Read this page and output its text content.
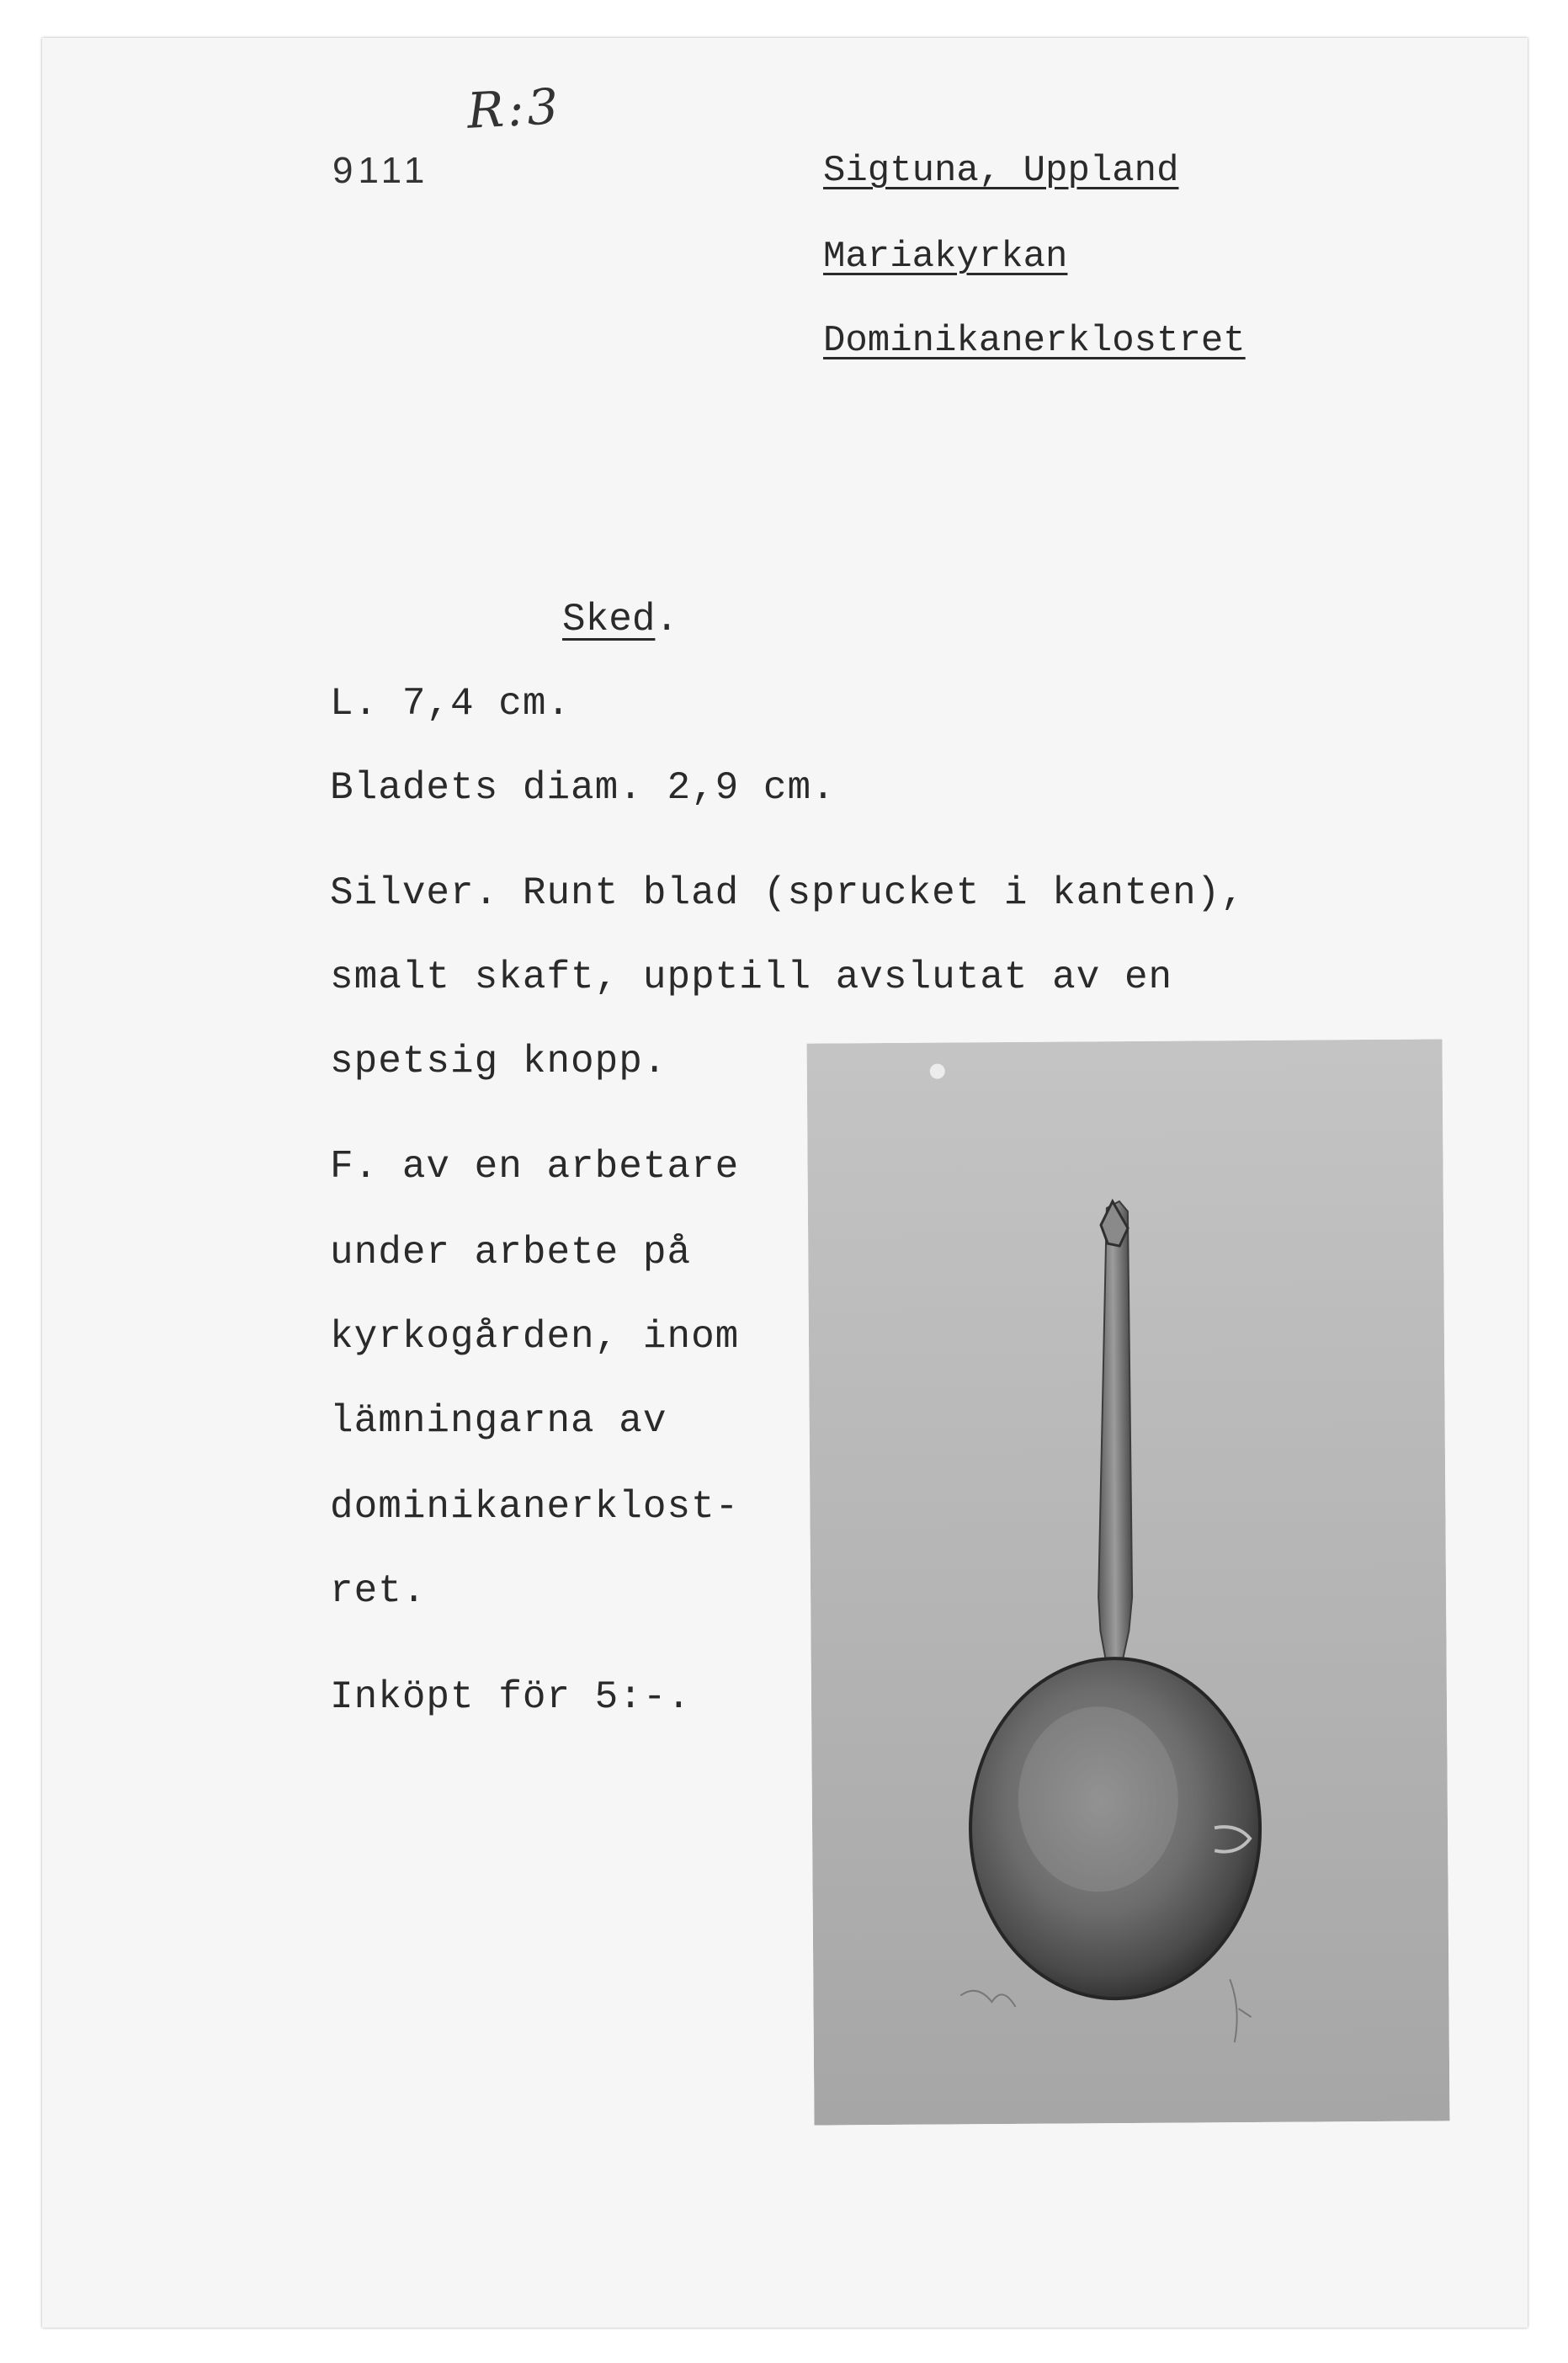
R:3
9111	Sigtuna, Uppland
Mariakyrkan
Dominikanerklostret
Sked.
L. 7,4 cm.
Bladets diam. 2,9 cm.
Silver. Runt blad (sprucket i kanten),
smalt skaft, upptill avslutat av en
spetsig knopp.
F. av en arbetare
under arbete på
kyrkogården, inom
lämningarna av
dominikanerklost-
ret.
Inköpt för 5:-.
